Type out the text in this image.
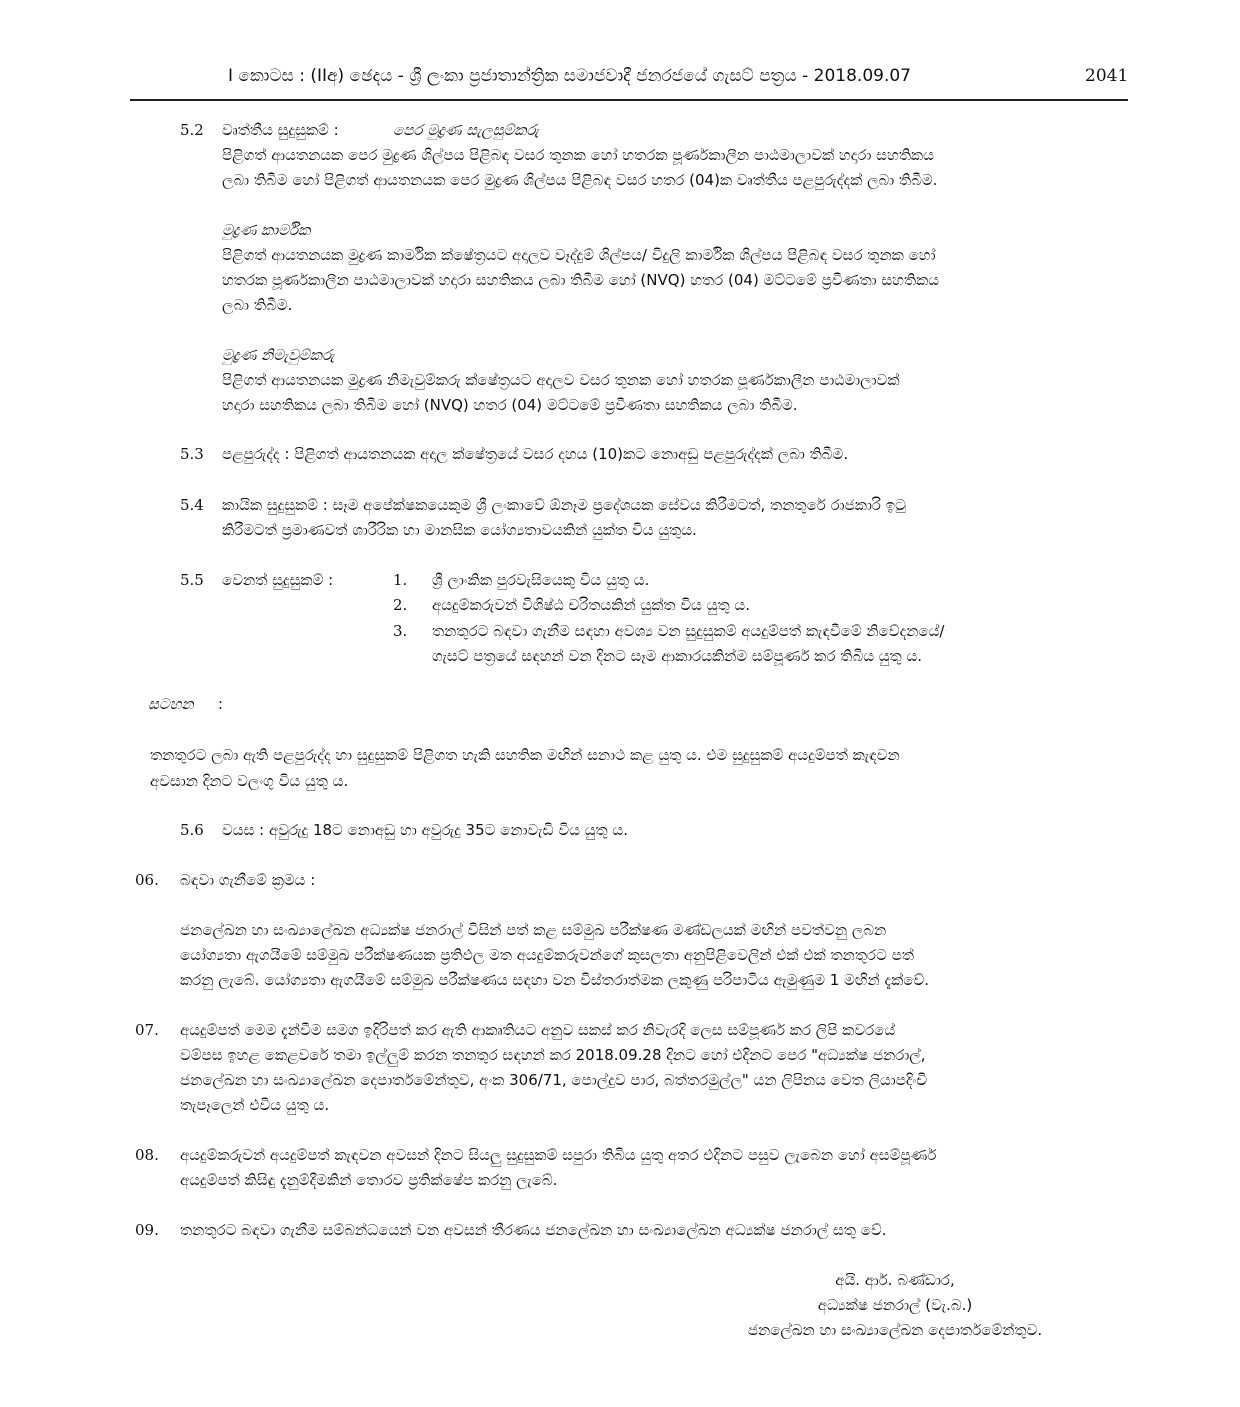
I කොටස : (IIඅ) ඡෙදය - ශ්‍රී ලංකා ප්‍රජාතාන්ත්‍රික සමාජවාදී ජනරජයේ ගැසට් පත්‍රය - 2018.09.07	2041
5.2 වෘත්තීය සුදුසුකම් :	පෙර මුද්‍රණ සැලසුම්කරු
පිළිගත් ආයතනයක පෙර මුද්‍රණ ශිල්පය පිළිබඳ වසර තුනක හෝ හතරක පූර්ණකාලීන පාඨමාලාවක් හදාරා සහතිකය
ලබා තිබීම හෝ පිළිගත් ආයතනයක පෙර මුද්‍රණ ශිල්පය පිළිබඳ වසර හතර (04)ක වෘත්තීය පළපුරුද්දක් ලබා තිබීම.
මුද්‍රණ කාර්මික
පිළිගත් ආයතනයක මුද්‍රණ කාර්මික ක්ෂේත්‍රයට අදාලව වෑද්දුම් ශිල්පය/ විදුලි කාර්මික ශිල්පය පිළිබඳ වසර තුනක හෝ
හතරක පූර්ණකාලීන පාඨමාලාවක් හදාරා සහතිකය ලබා තිබීම හෝ (NVQ) හතර (04) මට්ටමේ ප්‍රවීණතා සහතිකය
ලබා තිබීම.
මුද්‍රණ නිමැවුම්කරු
පිළිගත් ආයතනයක මුද්‍රණ නිමැවුම්කරු ක්ෂේත්‍රයට අදාලව වසර තුනක හෝ හතරක පූර්ණකාලීන පාඨමාලාවක්
හදාරා සහතිකය ලබා තිබීම හෝ (NVQ) හතර (04) මට්ටමේ ප්‍රවීණතා සහතිකය ලබා තිබීම.
5.3 පළපුරුද්ද : පිළිගත් ආයතනයක අදාල ක්ෂේත්‍රයේ වසර දහය (10)කට නොඅඩු පළපුරුද්දක් ලබා තිබීම.
5.4 කායික සුදුසුකම් : සෑම අපේක්ෂකයෙකුම ශ්‍රී ලංකාවේ ඕනෑම ප්‍රදේශයක සේවය කිරීමටත්, තනතුරේ රාජකාරි ඉටු
කිරීමටත් ප්‍රමාණවත් ශාරීරික හා මානසික යෝග්‍යතාවයකින් යුක්ත විය යුතුය.
5.5 වෙනත් සුදුසුකම් :	1. ශ්‍රී ලාංකික පුරවැසියෙකු විය යුතු ය.
2. අයදුම්කරුවන් විශිෂ්ඨ චරිතයකින් යුක්ත විය යුතු ය.
3. තනතුරට බඳවා ගැනීම සඳහා අවශ්‍ය වන සුදුසුකම් අයදුම්පත් කැඳවීමේ නිවේදනයේ/
ගැසට් පත්‍රයේ සඳහන් වන දිනට සෑම ආකාරයකින්ම සම්පූර්ණ කර තිබිය යුතු ය.
සටහන :
තනතුරට ලබා ඇති පළපුරුද්ද හා සුදුසුකම් පිළිගත හැකි සහතික මඟින් සනාථ කළ යුතු ය. එම සුදුසුකම් අයදුම්පත් කැඳවන
අවසාන දිනට වලංගු විය යුතු ය.
5.6 වයස : අවුරුදු 18ට නොඅඩු හා අවුරුදු 35ට නොවැඩි විය යුතු ය.
06. බඳවා ගැනීමේ ක්‍රමය :
ජනලේඛන හා සංඛ්‍යාලේඛන අධ්‍යක්ෂ ජනරාල් විසින් පත් කළ සම්මුඛ පරීක්ෂණ මණ්ඩලයක් මඟින් පවත්වනු ලබන
යෝග්‍යතා ඇගයීමේ සම්මුඛ පරීක්ෂණයක ප්‍රතිඵල මත අයදුම්කරුවන්ගේ කුසලතා අනුපිළිවෙලින් එක් එක් තනතුරට පත්
කරනු ලැබේ. යෝග්‍යතා ඇගයීමේ සම්මුඛ පරීක්ෂණය සඳහා වන විස්තරාත්මක ලකුණු පරිපාටිය ඇමුණුම 1 මඟින් දැක්වේ.
07. අයදුම්පත් මෙම දැන්වීම සමග ඉදිරිපත් කර ඇති ආකෘතියට අනුව සකස් කර නිවැරදි ලෙස සම්පූර්ණ කර ලිපි කවරයේ
වම්පස ඉහළ කෙළවරේ තමා ඉල්ලුම් කරන තනතුර සඳහන් කර 2018.09.28 දිනට හෝ එදිනට පෙර "අධ්‍යක්ෂ ජනරාල්,
ජනලේඛන හා සංඛ්‍යාලේඛන දෙපාර්තමේන්තුව, අංක 306/71, පොල්දුව පාර, බත්තරමුල්ල" යන ලිපිනය වෙත ලියාපදිංචි
තැපෑලෙන් එවිය යුතු ය.
08. අයදුම්කරුවන් අයදුම්පත් කැඳවන අවසන් දිනට සියලු සුදුසුකම් සපුරා තිබිය යුතු අතර එදිනට පසුව ලැබෙන හෝ අසම්පූර්ණ
අයදුම්පත් කිසිඳු දැනුම්දීමකින් තොරව ප්‍රතික්ෂේප කරනු ලැබේ.
09. තනතුරට බඳවා ගැනීම සම්බන්ධයෙන් වන අවසන් තීරණය ජනලේඛන හා සංඛ්‍යාලේඛන අධ්‍යක්ෂ ජනරාල් සතු වේ.
අයි. ආර්. බණ්ඩාර,
අධ්‍යක්ෂ ජනරාල් (වැ.බ.)
ජනලේඛන හා සංඛ්‍යාලේඛන දෙපාර්තමේන්තුව.
